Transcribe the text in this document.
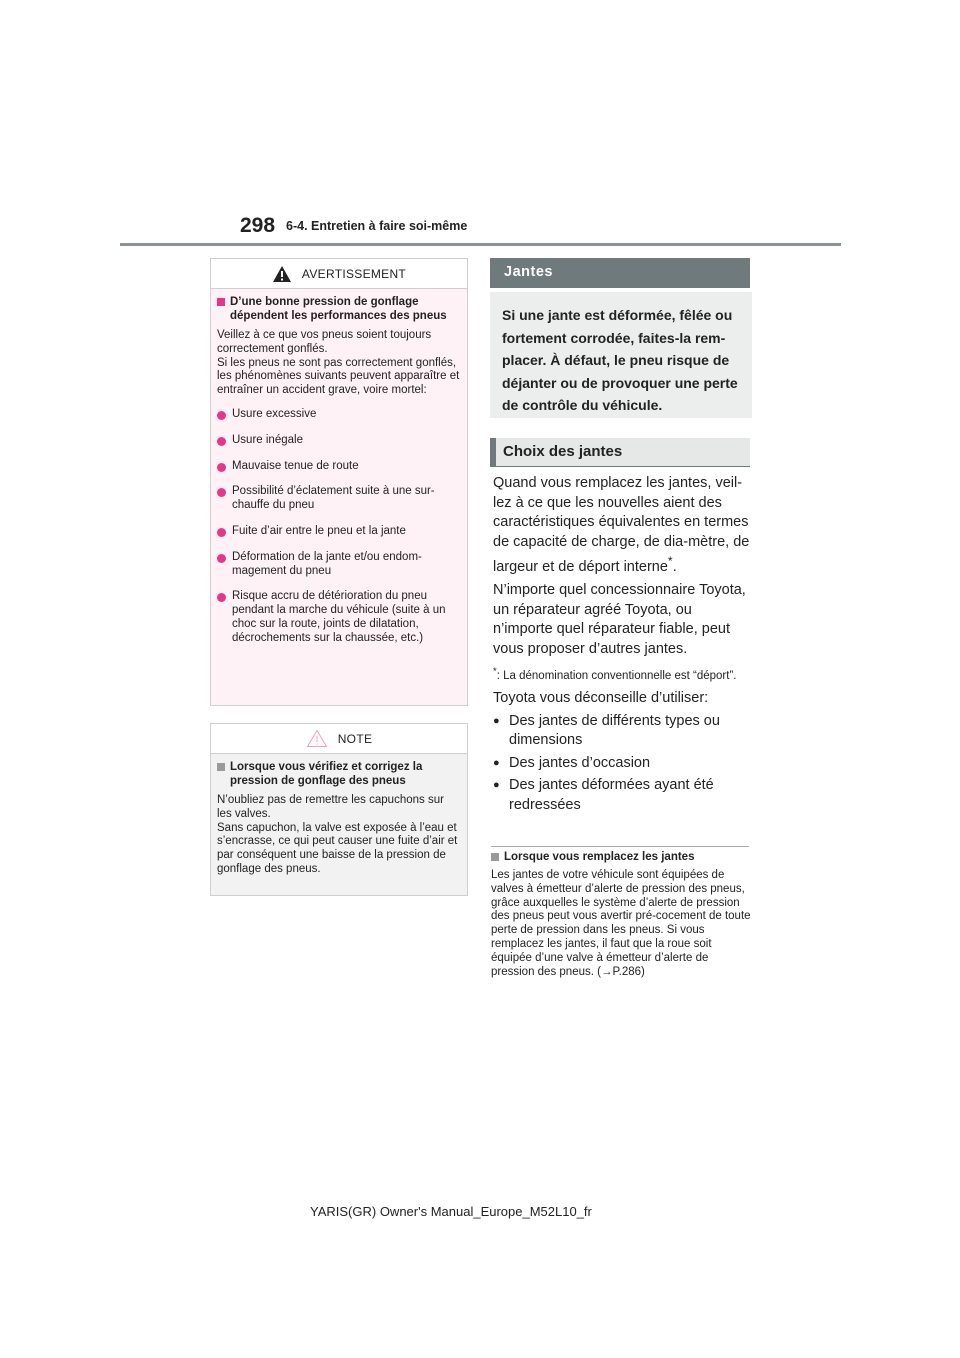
298 6-4. Entretien à faire soi-même
AVERTISSEMENT
D’une bonne pression de gonflage dépendent les performances des pneus

Veillez à ce que vos pneus soient toujours correctement gonflés.
Si les pneus ne sont pas correctement gonflés, les phénomènes suivants peuvent apparaître et entraîner un accident grave, voire mortel:

Usure excessive
Usure inégale
Mauvaise tenue de route
Possibilité d’éclatement suite à une sur-chauffe du pneu
Fuite d’air entre le pneu et la jante
Déformation de la jante et/ou endom-magement du pneu
Risque accru de détérioration du pneu pendant la marche du véhicule (suite à un choc sur la route, joints de dilatation, décrochements sur la chaussée, etc.)
NOTE
Lorsque vous vérifiez et corrigez la pression de gonflage des pneus

N’oubliez pas de remettre les capuchons sur les valves.
Sans capuchon, la valve est exposée à l’eau et s’encrasse, ce qui peut causer une fuite d’air et par conséquent une baisse de la pression de gonflage des pneus.

Jantes
Si une jante est déformée, fêlée ou fortement corrodée, faites-la rem-placer. À défaut, le pneu risque de déjanter ou de provoquer une perte de contrôle du véhicule.
Choix des jantes

Quand vous remplacez les jantes, veil-lez à ce que les nouvelles aient des caractéristiques équivalentes en termes de capacité de charge, de dia-mètre, de largeur et de déport interne*.

N’importe quel concessionnaire Toyota, un réparateur agréé Toyota, ou n’importe quel réparateur fiable, peut vous proposer d’autres jantes.

*: La dénomination conventionnelle est “déport”.

Toyota vous déconseille d’utiliser:

● Des jantes de différents types ou dimensions
● Des jantes d’occasion
● Des jantes déformées ayant été redressées
Lorsque vous remplacez les jantes
Les jantes de votre véhicule sont équipées de valves à émetteur d’alerte de pression des pneus, grâce auxquelles le système d’alerte de pression des pneus peut vous avertir pré-cocement de toute perte de pression dans les pneus. Si vous remplacez les jantes, il faut que la roue soit équipée d’une valve à émetteur d’alerte de pression des pneus. (→P.286)
YARIS(GR) Owner's Manual_Europe_M52L10_fr
